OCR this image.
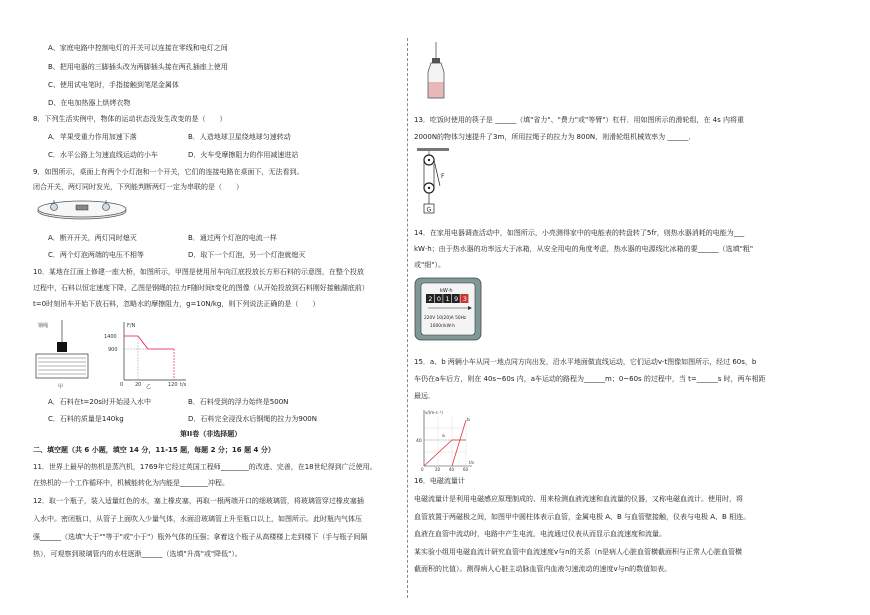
A、家庭电路中控制电灯的开关可以连接在零线和电灯之间
B、把用电器的三脚插头改为两脚插头接在两孔插座上使用
C、使用试电笔时，手指接触到笔尾金属体
D、在电加热器上烘烤衣物
8．下列生活实例中，物体的运动状态没发生改变的是（　　）
A．苹果受重力作用加速下落	B．人造地球卫星绕地球匀速转动
C．水平公路上匀速直线运动的小车	D．火车受摩擦阻力的作用减速进站
9．如图所示，桌面上有两个小灯泡和一个开关，它们的连接电路在桌面下，无法看到。
闭合开关，两灯同时发光，下列能判断两灯一定为串联的是（　　）
A．断开开关，两灯同时熄灭	B．通过两个灯泡的电流一样
C．两个灯泡两端的电压不相等	D．取下一个灯泡，另一个灯泡就熄灭
10．某地在江面上修建一座大桥，如图所示，甲图是使用吊车向江底投放长方形石料的示意图，在整个投放
过程中，石料以恒定速度下降，乙图是钢绳的拉力F随时间t变化的图像（从开始投放到石料刚好接触湖底前）
t=0时刻吊车开始下放石料，忽略水的摩擦阻力，g=10N/kg，则下列说法正确的是（　　）
钢绳
甲
F/N
1400
900
0 20	120 t/s
乙
A．石料在t=20s时开始浸入水中	B．石料受到的浮力始终是500N
C．石料的质量是140kg	D．石料完全浸没水后钢绳的拉力为900N
第II卷（非选择题）
二、填空题（共 6 小题，填空 14 分，11-15 题，每题 2 分；16 题 4 分）
11．世界上最早的热机是蒸汽机，1769年它经过英国工程师________的改进、完善，在18世纪得到广泛使用。
在热机的一个工作循环中，机械能转化为内能是________冲程。
12．取一个瓶子，装入适量红色的水，塞上橡皮塞，再取一根两端开口的细玻璃管，将玻璃管穿过橡皮塞插
入水中。密闭瓶口，从管子上面吹入少量气体，水面沿玻璃管上升至瓶口以上，如图所示。此时瓶内气体压
强______（选填"大于""等于"或"小于"）瓶外气体的压强；拿着这个瓶子从高楼楼上走到楼下（手与瓶子间隔
热），可观察到玻璃管内的水柱逐渐______（选填"升高"或"降低"）。
13．吃饭时使用的筷子是 ______（填"省力"、"费力"或"等臂"）杠杆．用如图所示的滑轮组，在 4s 内将重
2000N的物体匀速提升了3m，所用拉绳子的拉力为 800N，则滑轮组机械效率为 ______．
G
F
14．在家用电器调查活动中，如图所示，小亮测得家中的电能表的转盘转了5fr，则热水器消耗的电能为___
kW·h；由于热水器的功率远大于冰箱，从安全用电的角度考虑，热水器的电源线比冰箱的要______（选填"粗"
或"细"）。
kW·h
2 0 1 9 3
220V 10(20)A 50Hz
1000r/kW·h
15．a、b 两辆小车从同一地点同方向出发，沿水平地面做直线运动，它们运动v-t图像如图所示，经过 60s，b
车仍在a车后方，则在 40s~60s 内，a车运动的路程为______m；0~60s 的过程中，当 t=______s 时，两车相距
最远．
v/(m·s⁻¹)
40
a
b
0	20 40 60
t/s
16．电磁流量计
电磁流量计是利用电磁感应原理制成的、用来检测血液流速和血流量的仪器，又称电磁血流计。使用时，将
血管放置于两磁极之间，如图甲中圆柱体表示血管，金属电极 A、B 与血管壁接触，仪表与电极 A、B 相连。
血液在血管中流动时，电路中产生电流，电流通过仪表从而显示血流速度和流量。
某实验小组用电磁血流计研究血管中血流速度v与n的关系（n是病人心脏血管横截面积与正常人心脏血管横
截面积的比值）。测得病人心脏主动脉血管内血液匀速流动的速度v与n的数值如表。
